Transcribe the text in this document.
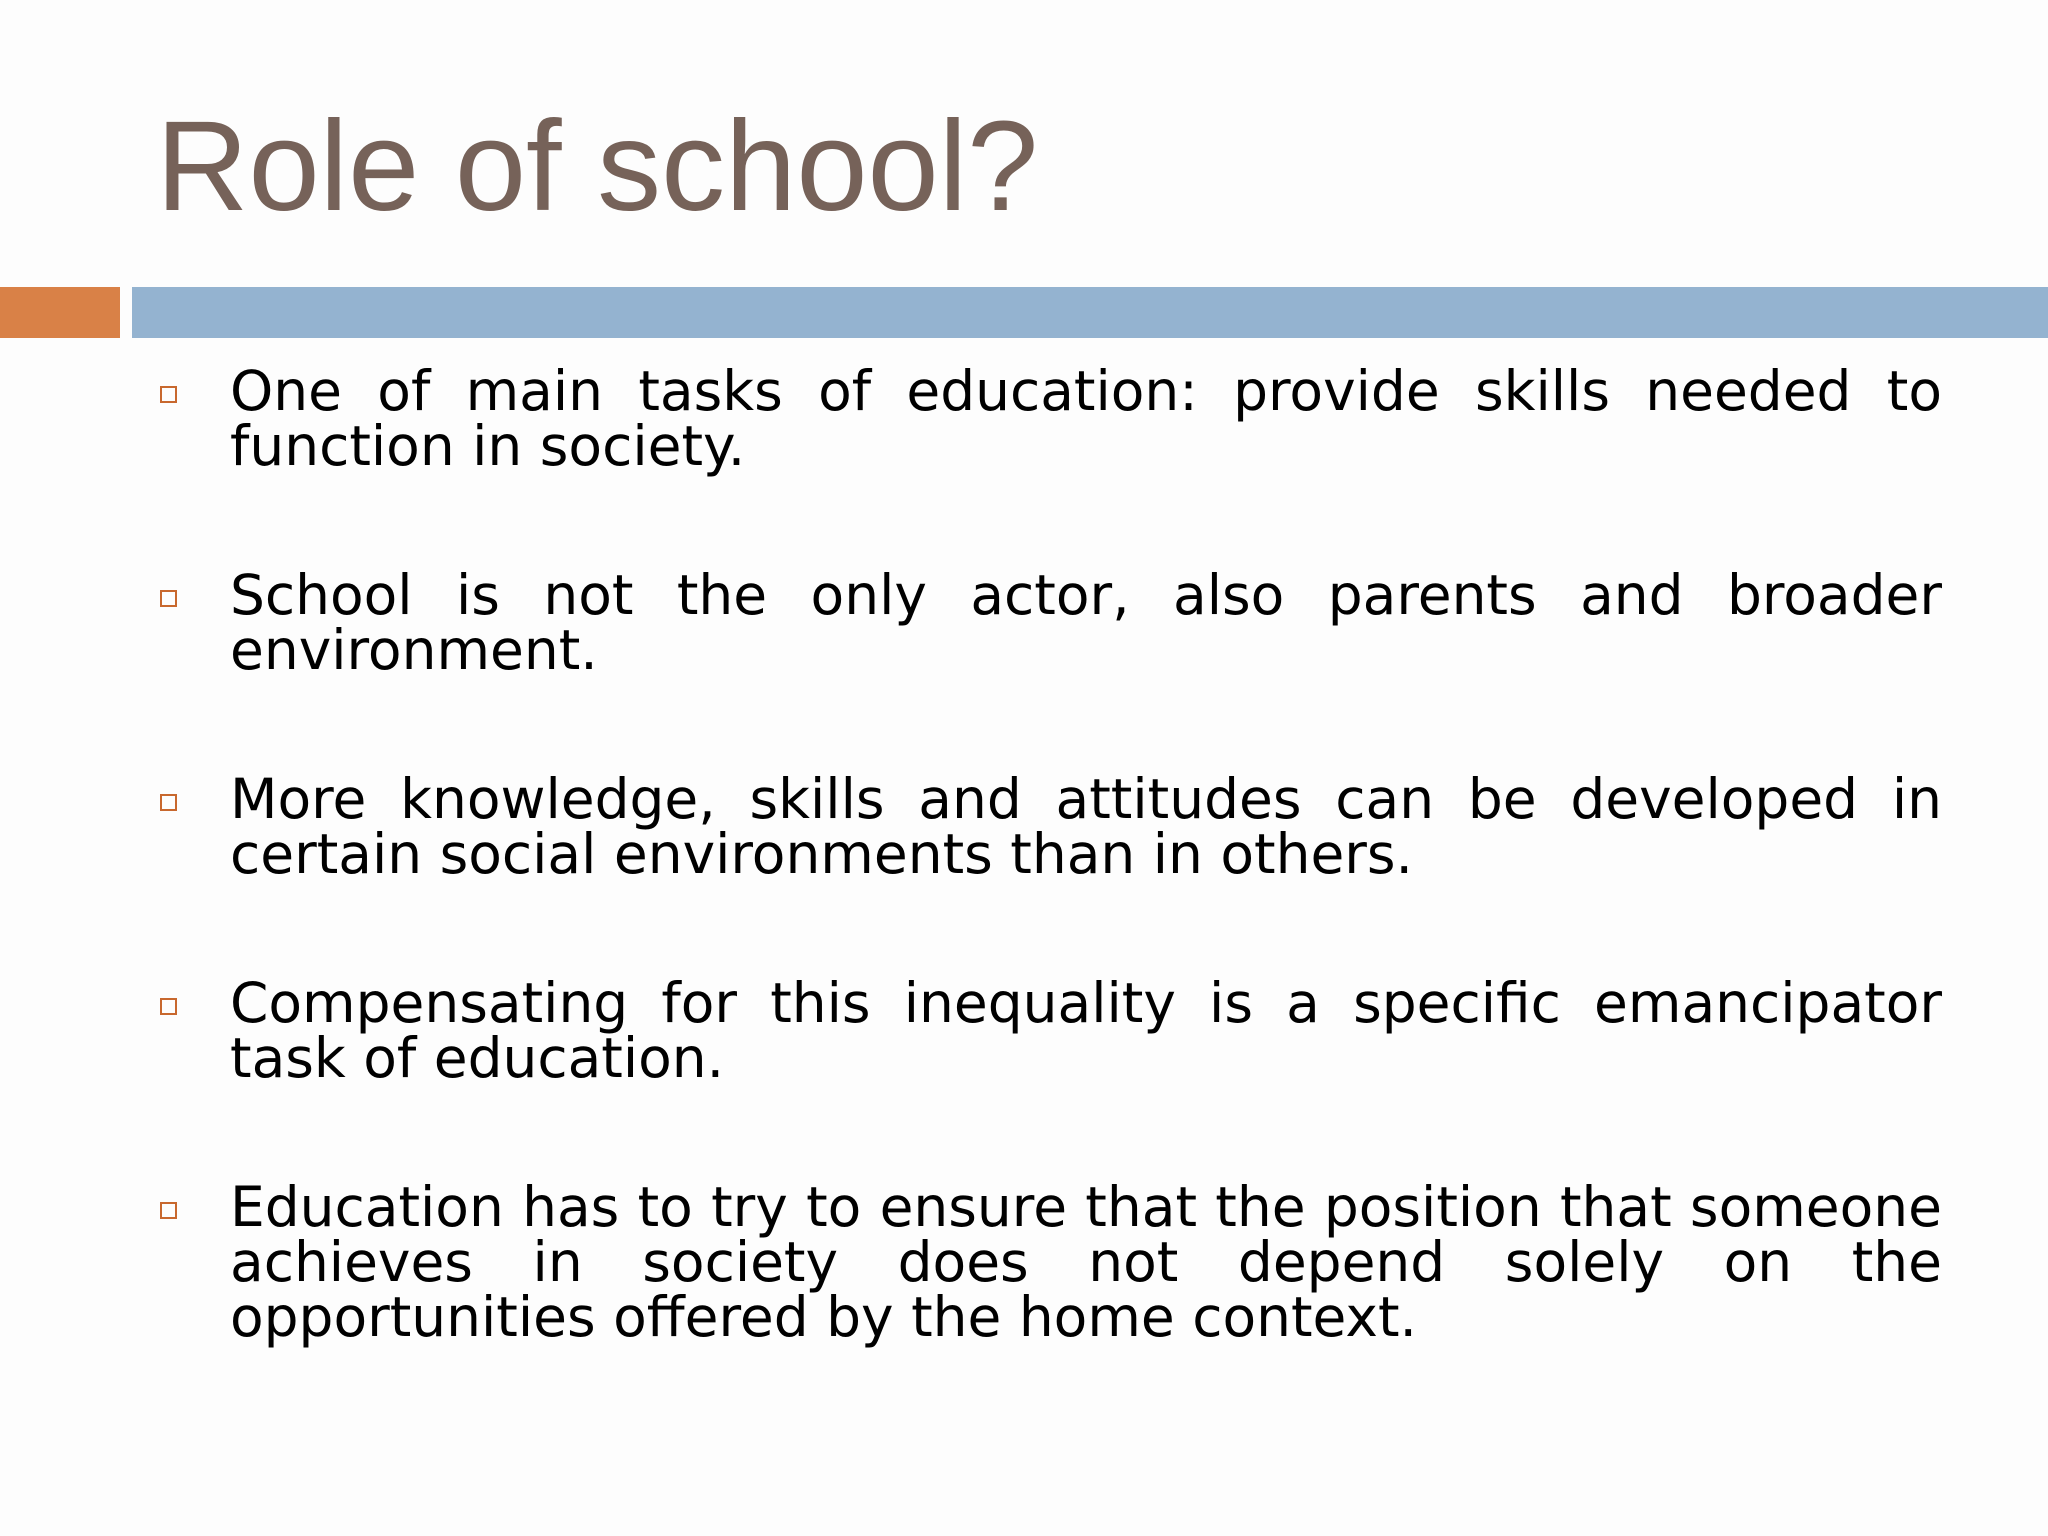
Role of school?

One of main tasks of education: provide skills needed to function in society.

School is not the only actor, also parents and broader environment.

More knowledge, skills and attitudes can be developed in certain social environments than in others.

Compensating for this inequality is a specific emancipator task of education.

Education has to try to ensure that the position that someone achieves in society does not depend solely on the opportunities offered by the home context.
